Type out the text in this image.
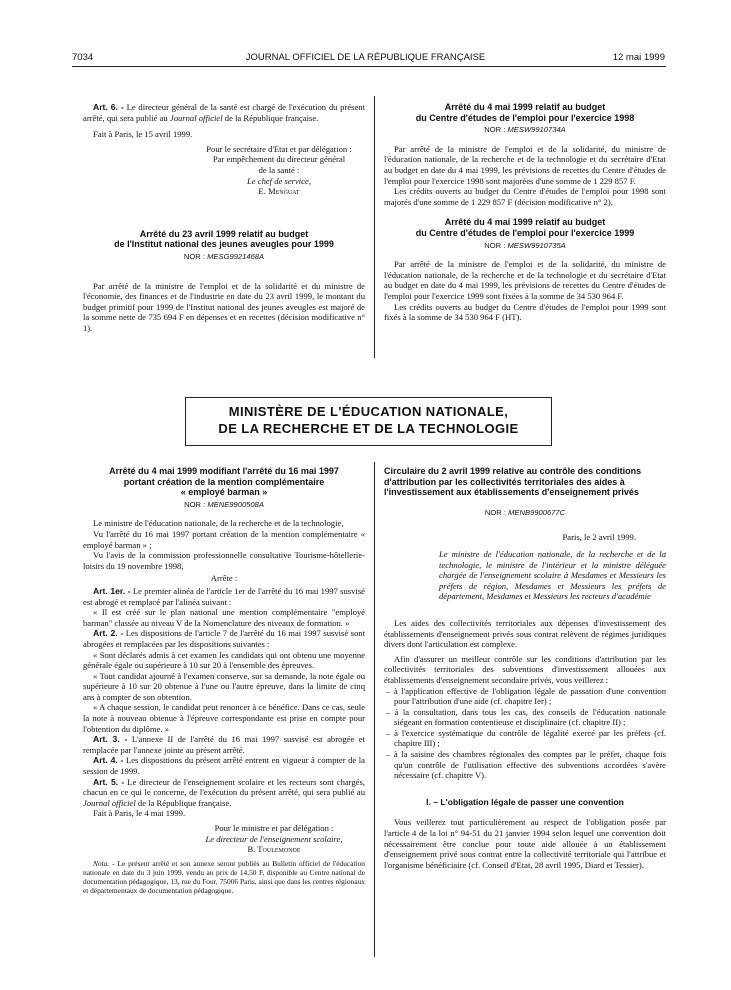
7034	JOURNAL OFFICIEL DE LA RÉPUBLIQUE FRANÇAISE	12 mai 1999

Art. 6. - Le directeur général de la santé est chargé de l'exécution du présent arrêté, qui sera publié au Journal officiel de la République française.

Fait à Paris, le 15 avril 1999.

Pour le secrétaire d'Etat et par délégation :

Par empêchement du directeur général

de la santé :

Le chef de service,

E. Menguat

Arrêté du 23 avril 1999 relatif au budget

de l'Institut national des jeunes aveugles pour 1999

NOR : MESG9921468A

Par arrêté de la ministre de l'emploi et de la solidarité et du ministre de l'économie, des finances et de l'industrie en date du 23 avril 1999, le montant du budget primitif pour 1999 de l'Institut national des jeunes aveugles est majoré de la somme nette de 735 694 F en dépenses et en recettes (décision modificative n° 1).

Arrêté du 4 mai 1999 relatif au budget

du Centre d'études de l'emploi pour l'exercice 1998

NOR : MESW9910734A

Par arrêté de la ministre de l'emploi et de la solidarité, du ministre de l'éducation nationale, de la recherche et de la technologie et du secrétaire d'Etat au budget en date du 4 mai 1999, les prévisions de recettes du Centre d'études de l'emploi pour l'exercice 1998 sont majorées d'une somme de 1 229 857 F.

Les crédits ouverts au budget du Centre d'études de l'emploi pour 1998 sont majorés d'une somme de 1 229 857 F (décision modificative n° 2).

Arrêté du 4 mai 1999 relatif au budget

du Centre d'études de l'emploi pour l'exercice 1999

NOR : MESW9910735A

Par arrêté de la ministre de l'emploi et de la solidarité, du ministre de l'éducation nationale, de la recherche et de la technologie et du secrétaire d'Etat au budget en date du 4 mai 1999, les prévisions de recettes du Centre d'études de l'emploi pour l'exercice 1999 sont fixées à la somme de 34 530 964 F.

Les crédits ouverts au budget du Centre d'études de l'emploi pour 1999 sont fixés à la somme de 34 530 964 F (HT).

MINISTÈRE DE L'ÉDUCATION NATIONALE,
DE LA RECHERCHE ET DE LA TECHNOLOGIE

Arrêté du 4 mai 1999 modifiant l'arrêté du 16 mai 1997

portant création de la mention complémentaire

« employé barman »

NOR : MENE9900508A

Le ministre de l'éducation nationale, de la recherche et de la technologie,

Vu l'arrêté du 16 mai 1997 portant création de la mention complémentaire « employé barman » ;

Vu l'avis de la commission professionnelle consultative Tourisme-hôtellerie-loisirs du 19 novembre 1998,

Arrête :

Art. 1er. - Le premier alinéa de l'article 1er de l'arrêté du 16 mai 1997 susvisé est abrogé et remplacé par l'alinéa suivant :

« Il est créé sur le plan national une mention complémentaire "employé barman" classée au niveau V de la Nomenclature des niveaux de formation. »

Art. 2. - Les dispositions de l'article 7 de l'arrêté du 16 mai 1997 susvisé sont abrogées et remplacées par les dispositions suivantes :

« Sont déclarés admis à cet examen les candidats qui ont obtenu une moyenne générale égale ou supérieure à 10 sur 20 à l'ensemble des épreuves.

« Tout candidat ajourné à l'examen conserve, sur sa demande, la note égale ou supérieure à 10 sur 20 obtenue à l'une ou l'autre épreuve, dans la limite de cinq ans à compter de son obtention.

« A chaque session, le candidat peut renoncer à ce bénéfice. Dans ce cas, seule la note à nouveau obtenue à l'épreuve correspondante est prise en compte pour l'obtention du diplôme. »

Art. 3. - L'annexe II de l'arrêté du 16 mai 1997 susvisé est abrogée et remplacée par l'annexe jointe au présent arrêté.

Art. 4. - Les dispositions du présent arrêté entrent en vigueur à compter de la session de 1999.

Art. 5. - Le directeur de l'enseignement scolaire et les recteurs sont chargés, chacun en ce qui le concerne, de l'exécution du présent arrêté, qui sera publié au Journal officiel de la République française.

Fait à Paris, le 4 mai 1999.

Pour le ministre et par délégation :

Le directeur de l'enseignement scolaire,

B. Toulemonde

Nota. - Le présent arrêté et son annexe seront publiés au Bulletin officiel de l'éducation nationale en date du 3 juin 1999, vendu au prix de 14,50 F, disponible au Centre national de documentation pédagogique, 13, rue du Four, 75006 Paris, ainsi que dans les centres régionaux et départementaux de documentation pédagogique.

Circulaire du 2 avril 1999 relative au contrôle des conditions d'attribution par les collectivités territoriales des aides à l'investissement aux établissements d'enseignement privés

NOR : MENB9900677C

Paris, le 2 avril 1999.

Le ministre de l'éducation nationale, de la recherche et de la technologie, le ministre de l'intérieur et la ministre déléguée chargée de l'enseignement scolaire à Mesdames et Messieurs les préfets de région, Mesdames et Messieurs les préfets de département, Mesdames et Messieurs les recteurs d'académie

Les aides des collectivités territoriales aux dépenses d'investissement des établissements d'enseignement privés sous contrat relèvent de régimes juridiques divers dont l'articulation est complexe.

Afin d'assurer un meilleur contrôle sur les conditions d'attribution par les collectivités territoriales des subventions d'investissement allouées aux établissements d'enseignement secondaire privés, vous veillerez :

– à l'application effective de l'obligation légale de passation d'une convention pour l'attribution d'une aide (cf. chapitre Ier) ;
– à la consultation, dans tous les cas, des conseils de l'éducation nationale siégeant en formation contentieuse et disciplinaire (cf. chapitre II) ;
– à l'exercice systématique du contrôle de légalité exercé par les préfets (cf. chapitre III) ;
– à la saisine des chambres régionales des comptes par le préfet, chaque fois qu'un contrôle de l'utilisation effective des subventions accordées s'avère nécessaire (cf. chapitre V).

I. – L'obligation légale de passer une convention

Vous veillerez tout particulièrement au respect de l'obligation posée par l'article 4 de la loi n° 94-51 du 21 janvier 1994 selon lequel une convention doit nécessairement être conclue pour toute aide allouée à un établissement d'enseignement privé sous contrat entre la collectivité territoriale qui l'attribue et l'organisme bénéficiaire (cf. Conseil d'Etat, 28 avril 1995, Diard et Tessier).
